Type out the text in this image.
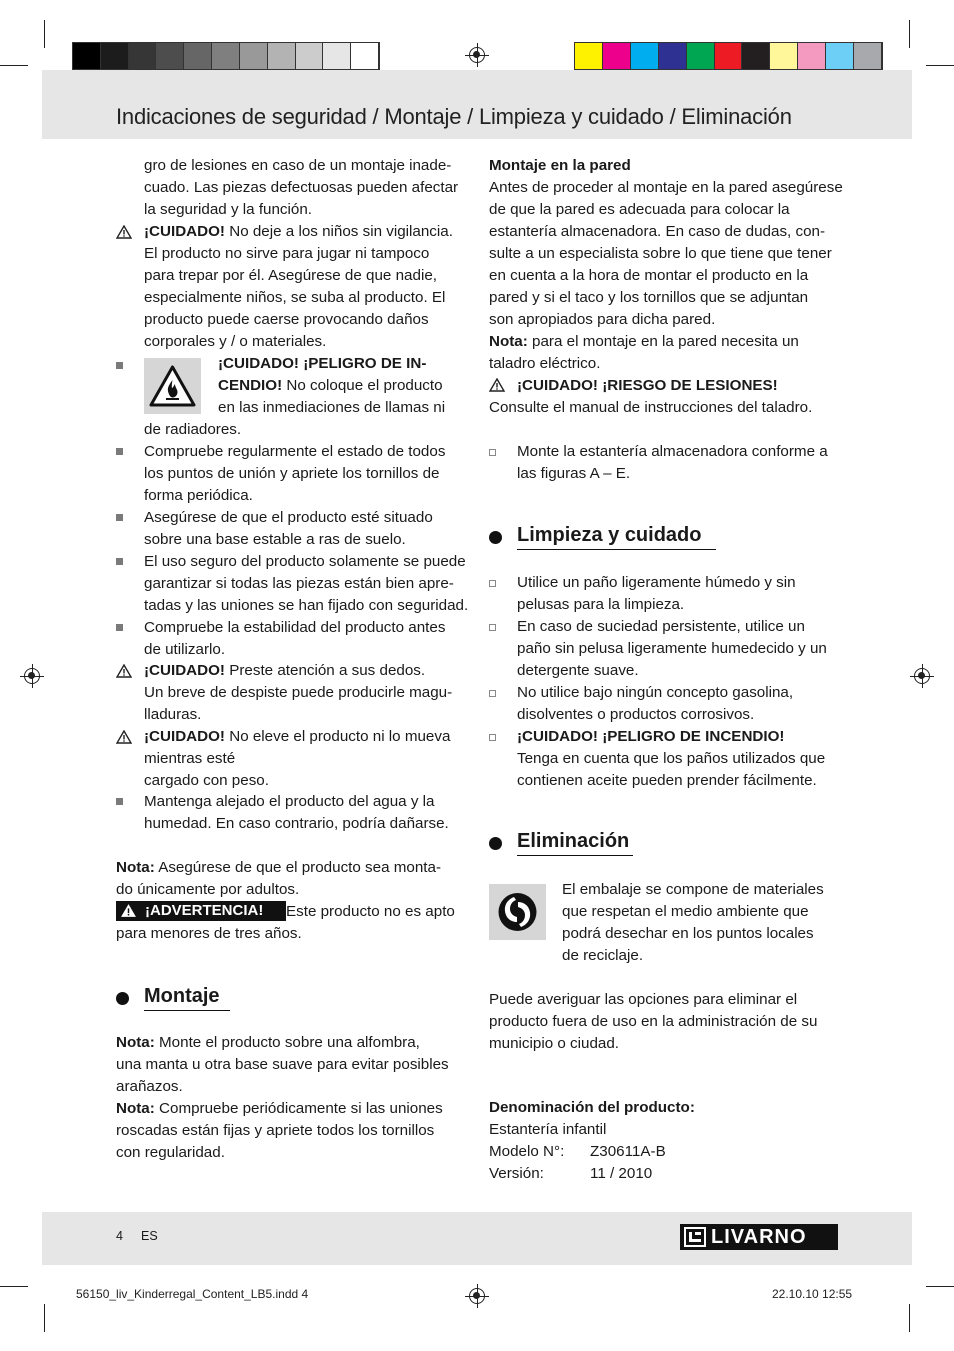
Indicaciones de seguridad / Montaje / Limpieza y cuidado / Eliminación
gro de lesiones en caso de un montaje inade-
cuado. Las piezas defectuosas pueden afectar
la seguridad y la función.
¡CUIDADO! No deje a los niños sin vigilancia.
El producto no sirve para jugar ni tampoco
para trepar por él. Asegúrese de que nadie,
especialmente niños, se suba al producto. El
producto puede caerse provocando daños
corporales y / o materiales.
¡CUIDADO! ¡PELIGRO DE IN-
CENDIO! No coloque el producto
en las inmediaciones de llamas ni
de radiadores.
Compruebe regularmente el estado de todos
los puntos de unión y apriete los tornillos de
forma periódica.
Asegúrese de que el producto esté situado
sobre una base estable a ras de suelo.
El uso seguro del producto solamente se puede
garantizar si todas las piezas están bien apre-
tadas y las uniones se han fijado con seguridad.
Compruebe la estabilidad del producto antes
de utilizarlo.
¡CUIDADO! Preste atención a sus dedos.
Un breve de despiste puede producirle magu-
lladuras.
¡CUIDADO! No eleve el producto ni lo mueva
mientras esté
cargado con peso.
Mantenga alejado el producto del agua y la
humedad. En caso contrario, podría dañarse.
Nota: Asegúrese de que el producto sea monta-
do únicamente por adultos.
¡ADVERTENCIA! Este producto no es apto
para menores de tres años.
Montaje
Nota: Monte el producto sobre una alfombra,
una manta u otra base suave para evitar posibles
arañazos.
Nota: Compruebe periódicamente si las uniones
roscadas están fijas y apriete todos los tornillos
con regularidad.
Montaje en la pared
Antes de proceder al montaje en la pared asegúrese
de que la pared es adecuada para colocar la
estantería almacenadora. En caso de dudas, con-
sulte a un especialista sobre lo que tiene que tener
en cuenta a la hora de montar el producto en la
pared y si el taco y los tornillos que se adjuntan
son apropiados para dicha pared.
Nota: para el montaje en la pared necesita un
taladro eléctrico.
¡CUIDADO! ¡RIESGO DE LESIONES!
Consulte el manual de instrucciones del taladro.
Monte la estantería almacenadora conforme a
las figuras A – E.
Limpieza y cuidado
Utilice un paño ligeramente húmedo y sin
pelusas para la limpieza.
En caso de suciedad persistente, utilice un
paño sin pelusa ligeramente humedecido y un
detergente suave.
No utilice bajo ningún concepto gasolina,
disolventes o productos corrosivos.
¡CUIDADO! ¡PELIGRO DE INCENDIO!
Tenga en cuenta que los paños utilizados que
contienen aceite pueden prender fácilmente.
Eliminación
El embalaje se compone de materiales
que respetan el medio ambiente que
podrá desechar en los puntos locales
de reciclaje.
Puede averiguar las opciones para eliminar el
producto fuera de uso en la administración de su
municipio o ciudad.
Denominación del producto:
Estantería infantil
Modelo N°: Z30611A-B
Versión:	11 / 2010
4 ES	LIVARNO
56150_liv_Kinderregal_Content_LB5.indd 4	22.10.10 12:55
